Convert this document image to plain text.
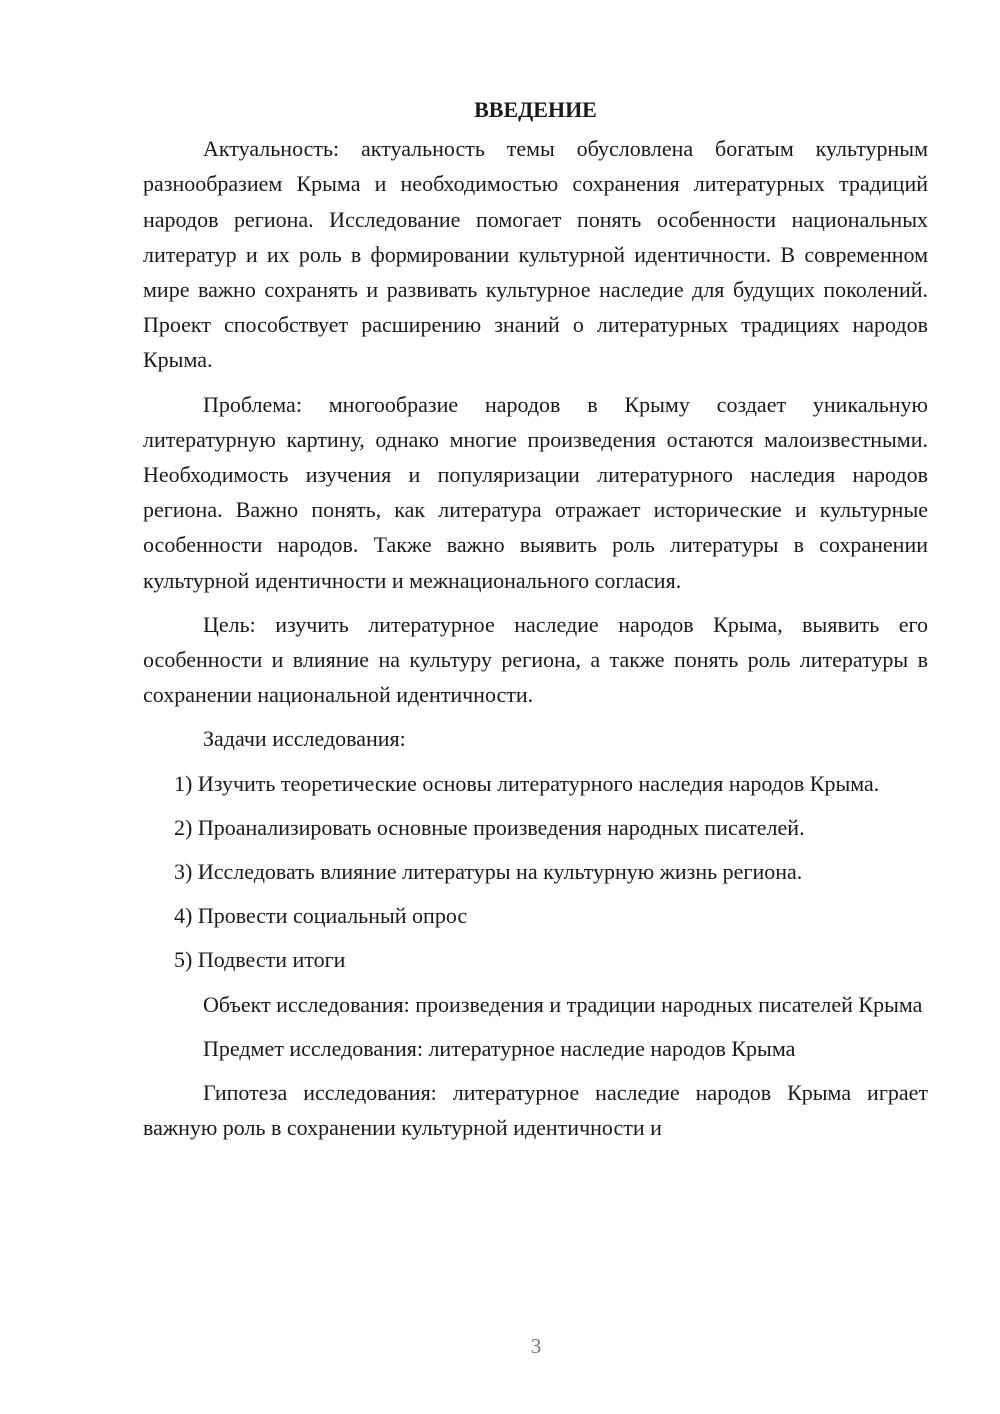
ВВЕДЕНИЕ

Актуальность: актуальность темы обусловлена богатым культурным разнообразием Крыма и необходимостью сохранения литературных традиций народов региона. Исследование помогает понять особенности национальных литератур и их роль в формировании культурной идентичности. В современном мире важно сохранять и развивать культурное наследие для будущих поколений. Проект способствует расширению знаний о литературных традициях народов Крыма.

Проблема: многообразие народов в Крыму создает уникальную литературную картину, однако многие произведения остаются малоизвестными. Необходимость изучения и популяризации литературного наследия народов региона. Важно понять, как литература отражает исторические и культурные особенности народов. Также важно выявить роль литературы в сохранении культурной идентичности и межнационального согласия.

Цель: изучить литературное наследие народов Крыма, выявить его особенности и влияние на культуру региона, а также понять роль литературы в сохранении национальной идентичности.

Задачи исследования:

1) Изучить теоретические основы литературного наследия народов Крыма.

2) Проанализировать основные произведения народных писателей.

3) Исследовать влияние литературы на культурную жизнь региона.

4) Провести социальный опрос

5) Подвести итоги

Объект исследования: произведения и традиции народных писателей Крыма

Предмет исследования: литературное наследие народов Крыма

Гипотеза исследования: литературное наследие народов Крыма играет важную роль в сохранении культурной идентичности и

3
